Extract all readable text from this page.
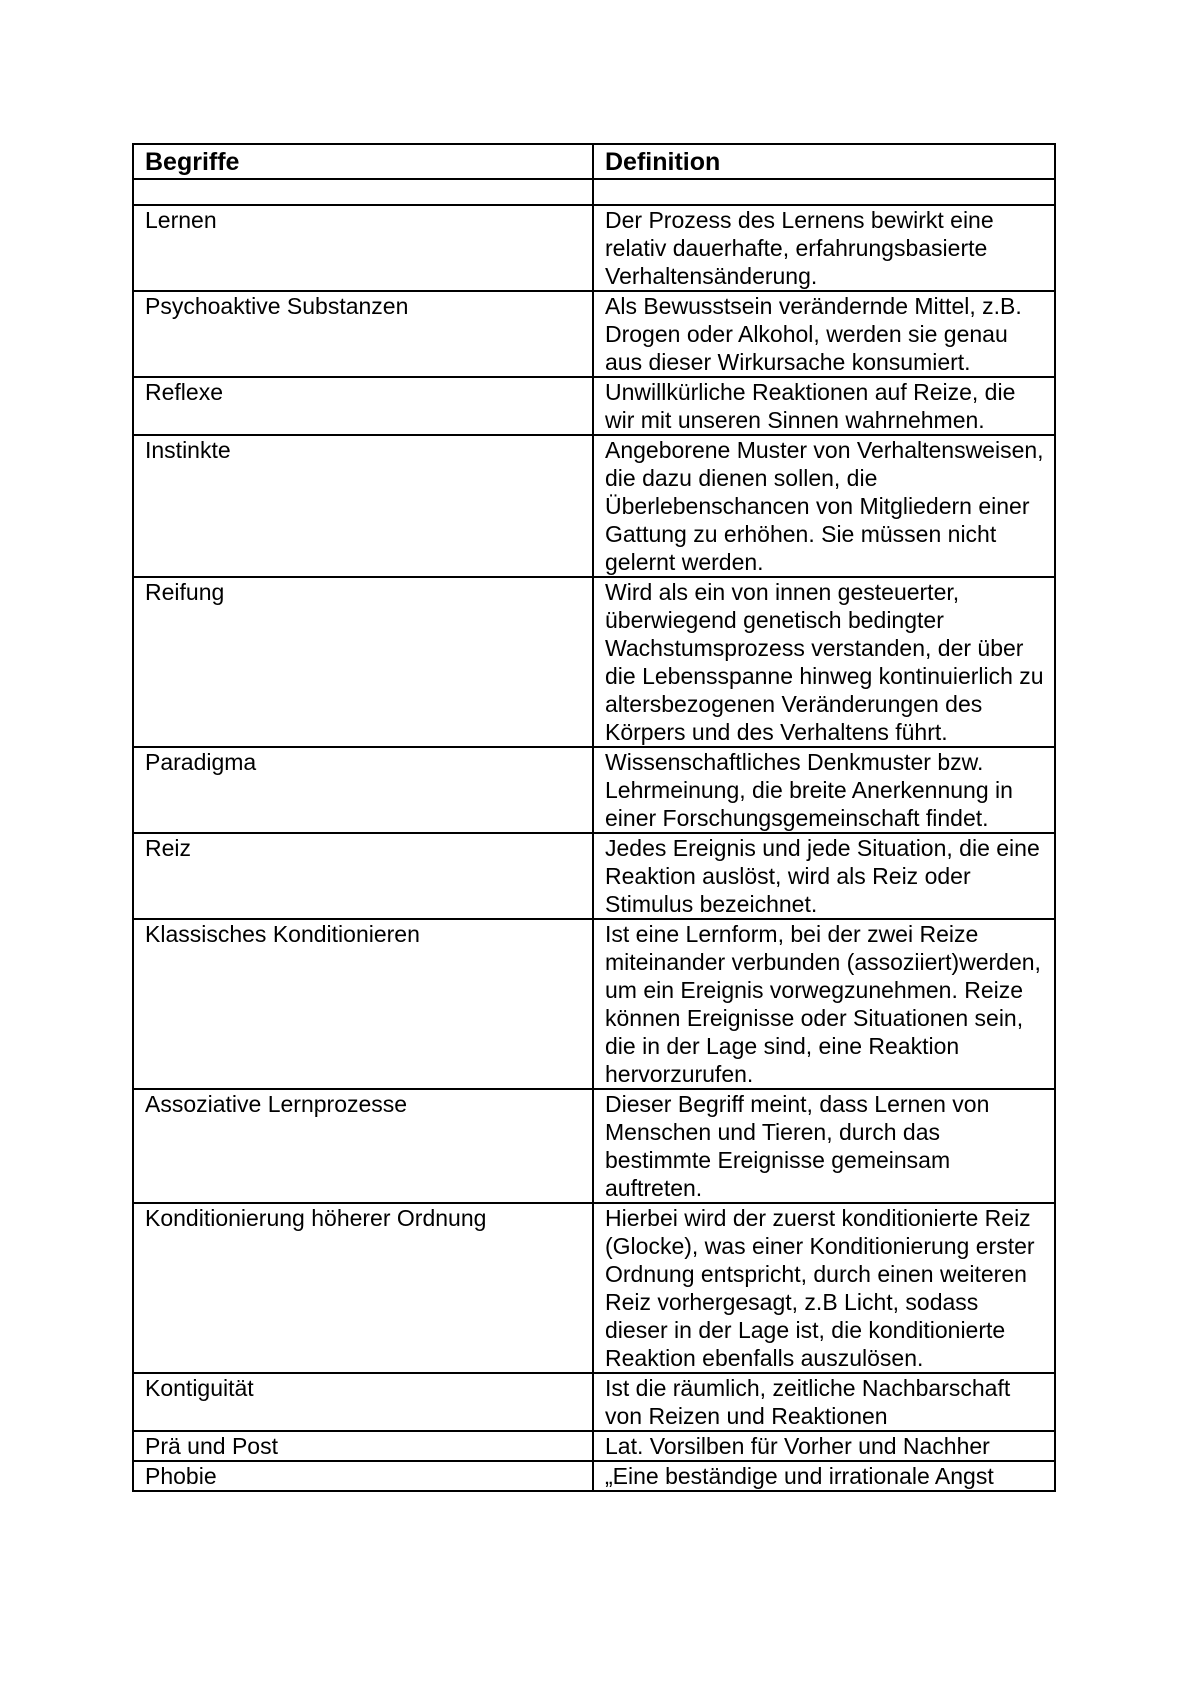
Begriffe	Definition

Lernen	Der Prozess des Lernens bewirkt eine relativ dauerhafte, erfahrungsbasierte Verhaltensänderung.
Psychoaktive Substanzen	Als Bewusstsein verändernde Mittel, z.B. Drogen oder Alkohol, werden sie genau aus dieser Wirkursache konsumiert.
Reflexe	Unwillkürliche Reaktionen auf Reize, die wir mit unseren Sinnen wahrnehmen.
Instinkte	Angeborene Muster von Verhaltensweisen, die dazu dienen sollen, die Überlebenschancen von Mitgliedern einer Gattung zu erhöhen. Sie müssen nicht gelernt werden.
Reifung	Wird als ein von innen gesteuerter, überwiegend genetisch bedingter Wachstumsprozess verstanden, der über die Lebensspanne hinweg kontinuierlich zu altersbezogenen Veränderungen des Körpers und des Verhaltens führt.
Paradigma	Wissenschaftliches Denkmuster bzw. Lehrmeinung, die breite Anerkennung in einer Forschungsgemeinschaft findet.
Reiz	Jedes Ereignis und jede Situation, die eine Reaktion auslöst, wird als Reiz oder Stimulus bezeichnet.
Klassisches Konditionieren	Ist eine Lernform, bei der zwei Reize miteinander verbunden (assoziiert)werden, um ein Ereignis vorwegzunehmen. Reize können Ereignisse oder Situationen sein, die in der Lage sind, eine Reaktion hervorzurufen.
Assoziative Lernprozesse	Dieser Begriff meint, dass Lernen von Menschen und Tieren, durch das bestimmte Ereignisse gemeinsam auftreten.
Konditionierung höherer Ordnung	Hierbei wird der zuerst konditionierte Reiz (Glocke), was einer Konditionierung erster Ordnung entspricht, durch einen weiteren Reiz vorhergesagt, z.B Licht, sodass dieser in der Lage ist, die konditionierte Reaktion ebenfalls auszulösen.
Kontiguität	Ist die räumlich, zeitliche Nachbarschaft von Reizen und Reaktionen
Prä und Post	Lat. Vorsilben für Vorher und Nachher
Phobie	„Eine beständige und irrationale Angst
